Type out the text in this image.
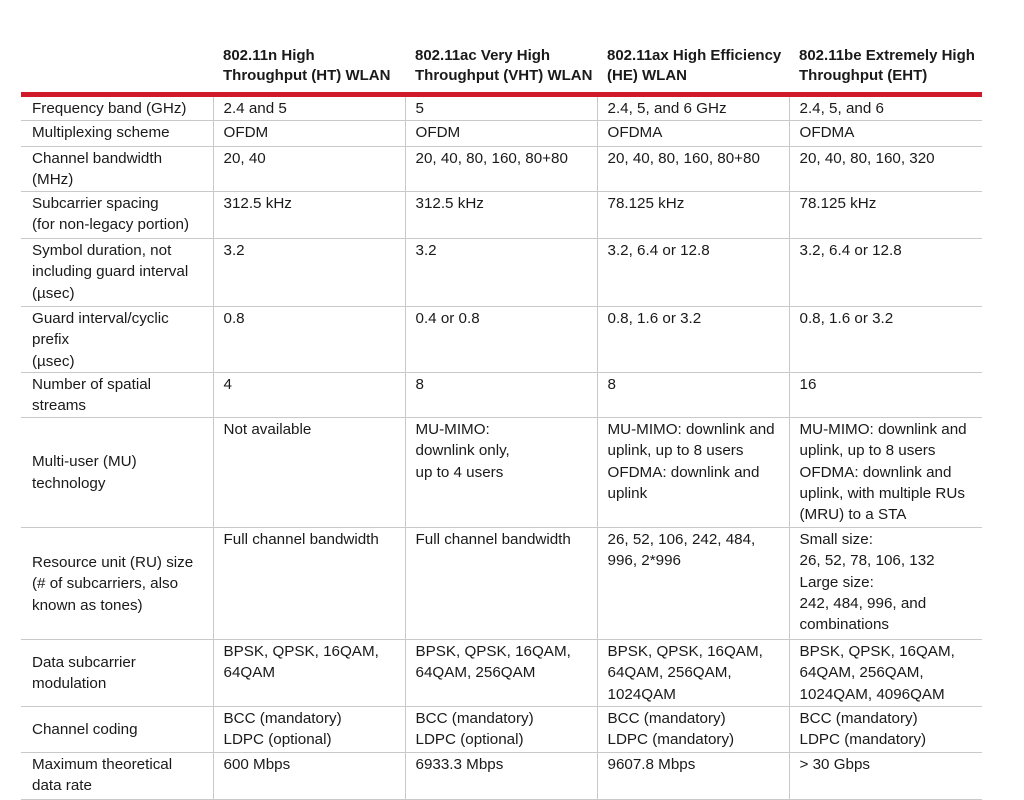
	802.11n High
Throughput (HT) WLAN	802.11ac Very High
Throughput (VHT) WLAN	802.11ax High Efficiency
(HE) WLAN	802.11be Extremely High
Throughput (EHT)
Frequency band (GHz)	2.4 and 5	5	2.4, 5, and 6 GHz	2.4, 5, and 6
Multiplexing scheme	OFDM	OFDM	OFDMA	OFDMA
Channel bandwidth (MHz)	20, 40	20, 40, 80, 160, 80+80	20, 40, 80, 160, 80+80	20, 40, 80, 160, 320
Subcarrier spacing
(for non-legacy portion)	312.5 kHz	312.5 kHz	78.125 kHz	78.125 kHz
Symbol duration, not
including guard interval
(µsec)	3.2	3.2	3.2, 6.4 or 12.8	3.2, 6.4 or 12.8
Guard interval/cyclic prefix
(µsec)	0.8	0.4 or 0.8	0.8, 1.6 or 3.2	0.8, 1.6 or 3.2
Number of spatial streams	4	8	8	16
Multi-user (MU)
technology	Not available	MU-MIMO:
downlink only,
up to 4 users	MU-MIMO: downlink and
uplink, up to 8 users
OFDMA: downlink and
uplink	MU-MIMO: downlink and
uplink, up to 8 users
OFDMA: downlink and
uplink, with multiple RUs
(MRU) to a STA
Resource unit (RU) size
(# of subcarriers, also
known as tones)	Full channel bandwidth	Full channel bandwidth	26, 52, 106, 242, 484,
996, 2*996	Small size:
26, 52, 78, 106, 132
Large size:
242, 484, 996, and
combinations
Data subcarrier
modulation	BPSK, QPSK, 16QAM,
64QAM	BPSK, QPSK, 16QAM,
64QAM, 256QAM	BPSK, QPSK, 16QAM,
64QAM, 256QAM,
1024QAM	BPSK, QPSK, 16QAM,
64QAM, 256QAM,
1024QAM, 4096QAM
Channel coding	BCC (mandatory)
LDPC (optional)	BCC (mandatory)
LDPC (optional)	BCC (mandatory)
LDPC (mandatory)	BCC (mandatory)
LDPC (mandatory)
Maximum theoretical
data rate	600 Mbps	6933.3 Mbps	9607.8 Mbps	> 30 Gbps
